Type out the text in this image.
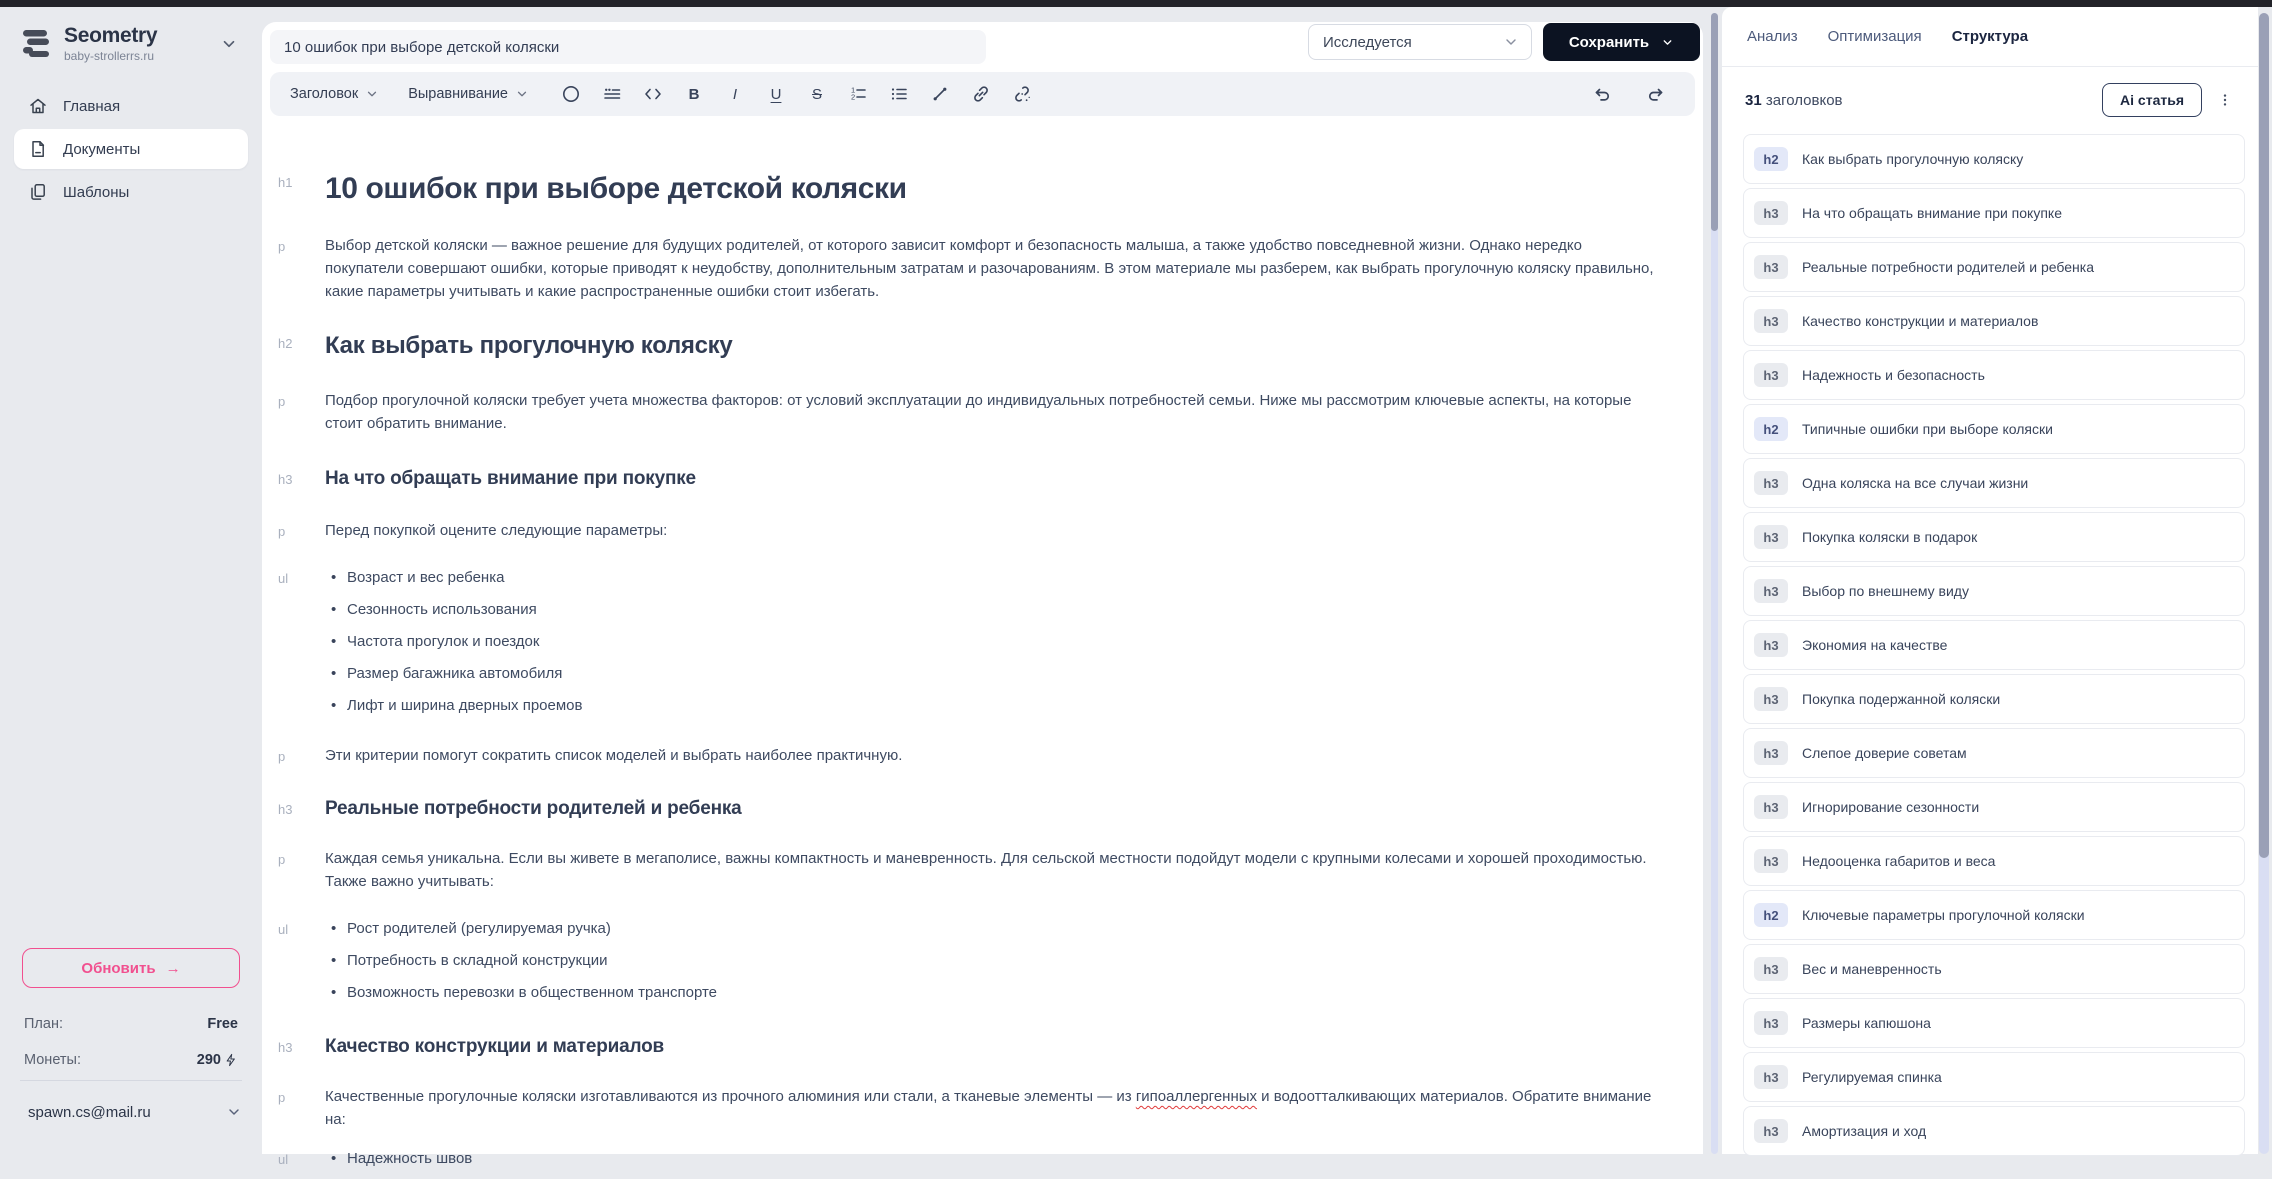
Seometry
baby-strollerrs.ru
Главная
Документы
Шаблоны
Обновить →
План:	Free
Монеты:	290
spawn.cs@mail.ru
10 ошибок при выборе детской коляски
Исследуется	Сохранить
Заголовок	Выравнивание	B	I	U	S	1
2
h1	10 ошибок при выборе детской коляски
p	Выбор детской коляски — важное решение для будущих родителей, от которого зависит комфорт и безопасность малыша, а также удобство повседневной жизни. Однако нередко покупатели совершают ошибки, которые приводят к неудобству, дополнительным затратам и разочарованиям. В этом материале мы разберем, как выбрать прогулочную коляску правильно, какие параметры учитывать и какие распространенные ошибки стоит избегать.

h2	Как выбрать прогулочную коляску
p	Подбор прогулочной коляски требует учета множества факторов: от условий эксплуатации до индивидуальных потребностей семьи. Ниже мы рассмотрим ключевые аспекты, на которые стоит обратить внимание.

h3	На что обращать внимание при покупке
p	Перед покупкой оцените следующие параметры:

ul	• Возраст и вес ребенка
• Сезонность использования
• Частота прогулок и поездок
• Размер багажника автомобиля
• Лифт и ширина дверных проемов
p	Эти критерии помогут сократить список моделей и выбрать наиболее практичную.

h3	Реальные потребности родителей и ребенка
p	Каждая семья уникальна. Если вы живете в мегаполисе, важны компактность и маневренность. Для сельской местности подойдут модели с крупными колесами и хорошей проходимостью. Также важно учитывать:

ul	• Рост родителей (регулируемая ручка)
• Потребность в складной конструкции
• Возможность перевозки в общественном транспорте
h3	Качество конструкции и материалов
p	Качественные прогулочные коляски изготавливаются из прочного алюминия или стали, а тканевые элементы — из гипоаллергенных и водоотталкивающих материалов. Обратите внимание на:

ul	• Надежность швов
Анализ Оптимизация Структура
31 заголовков	Ai статья
h2	Как выбрать прогулочную коляску
h3	На что обращать внимание при покупке
h3	Реальные потребности родителей и ребенка
h3	Качество конструкции и материалов
h3	Надежность и безопасность
h2	Типичные ошибки при выборе коляски
h3	Одна коляска на все случаи жизни
h3	Покупка коляски в подарок
h3	Выбор по внешнему виду
h3	Экономия на качестве
h3	Покупка подержанной коляски
h3	Слепое доверие советам
h3	Игнорирование сезонности
h3	Недооценка габаритов и веса
h2	Ключевые параметры прогулочной коляски
h3	Вес и маневренность
h3	Размеры капюшона
h3	Регулируемая спинка
h3	Амортизация и ход
